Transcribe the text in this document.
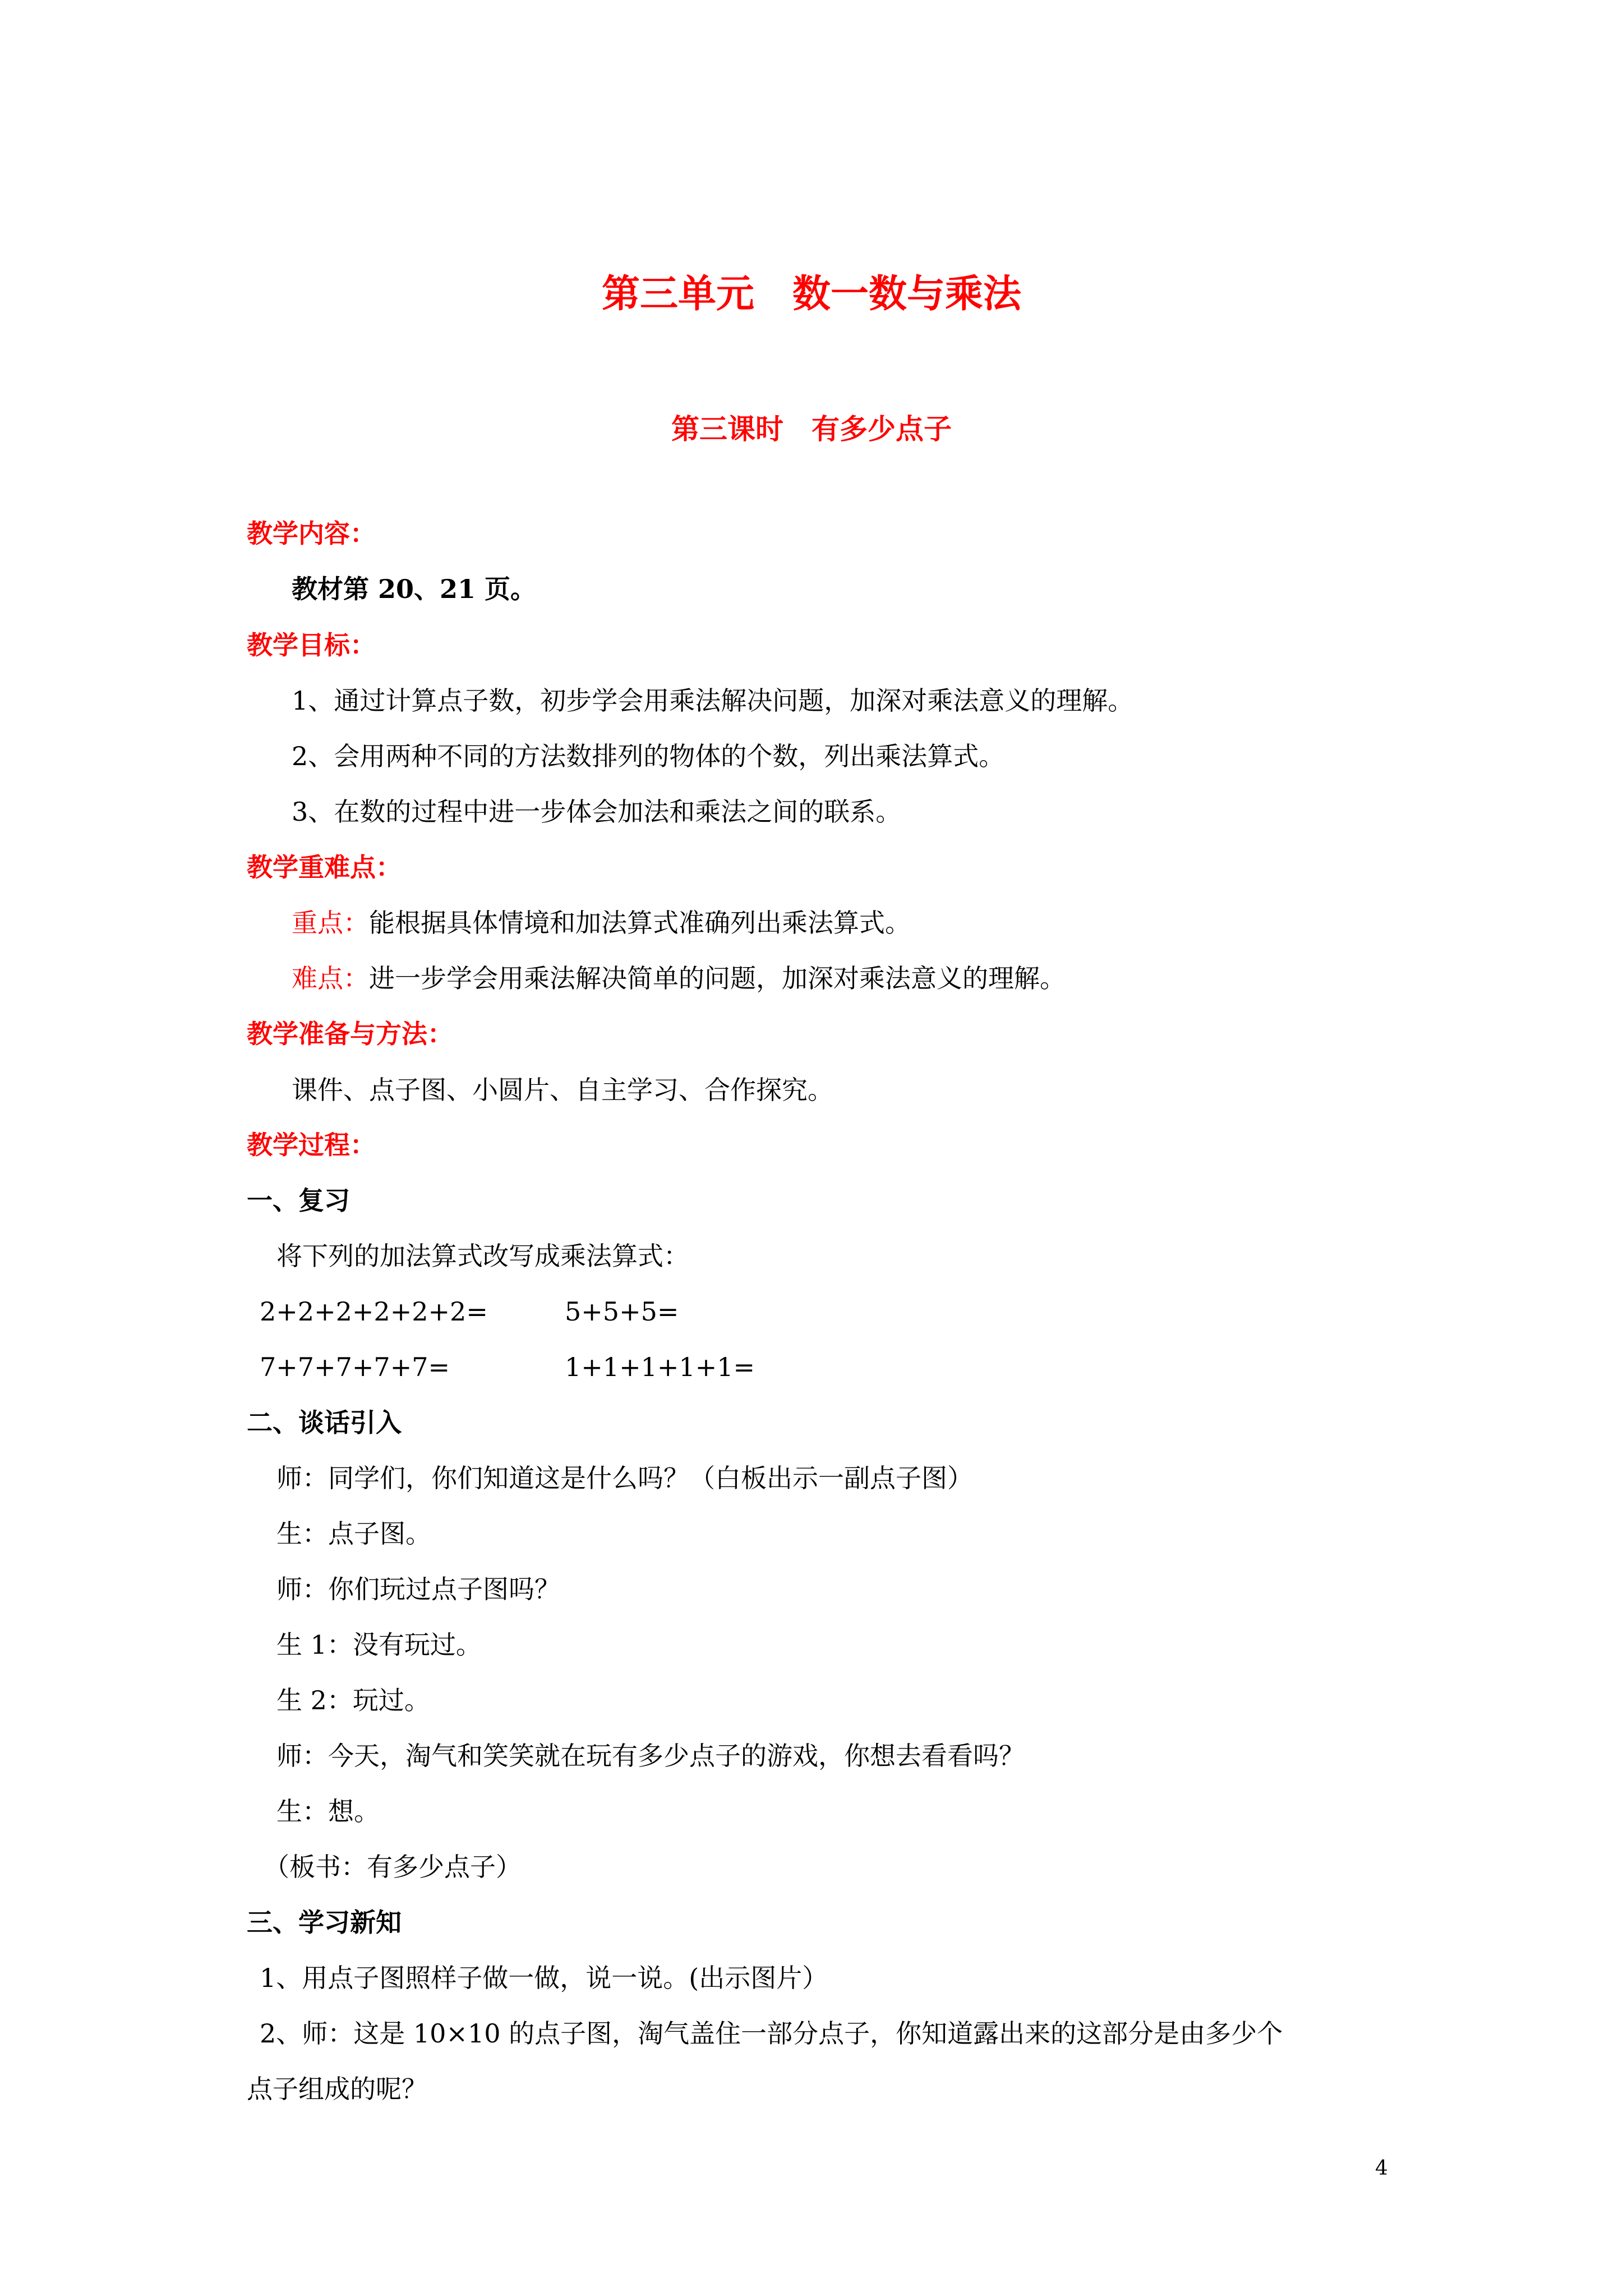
第三单元　数一数与乘法
第三课时　有多少点子
教学内容：
教材第 20、21 页。
教学目标：
1、通过计算点子数，初步学会用乘法解决问题，加深对乘法意义的理解。
2、会用两种不同的方法数排列的物体的个数，列出乘法算式。
3、在数的过程中进一步体会加法和乘法之间的联系。
教学重难点：
重点：能根据具体情境和加法算式准确列出乘法算式。
难点：进一步学会用乘法解决简单的问题，加深对乘法意义的理解。
教学准备与方法：
课件、点子图、小圆片、自主学习、合作探究。
教学过程：
一、复习
将下列的加法算式改写成乘法算式：
2+2+2+2+2+2=	5+5+5=
7+7+7+7+7=	1+1+1+1+1=
二、谈话引入
师：同学们，你们知道这是什么吗？（白板出示一副点子图）
生：点子图。
师：你们玩过点子图吗？
生 1：没有玩过。
生 2：玩过。
师：今天，淘气和笑笑就在玩有多少点子的游戏，你想去看看吗？
生：想。
（板书：有多少点子）
三、学习新知
1、用点子图照样子做一做，说一说。(出示图片）
2、师：这是 10×10 的点子图，淘气盖住一部分点子，你知道露出来的这部分是由多少个
点子组成的呢？
4
